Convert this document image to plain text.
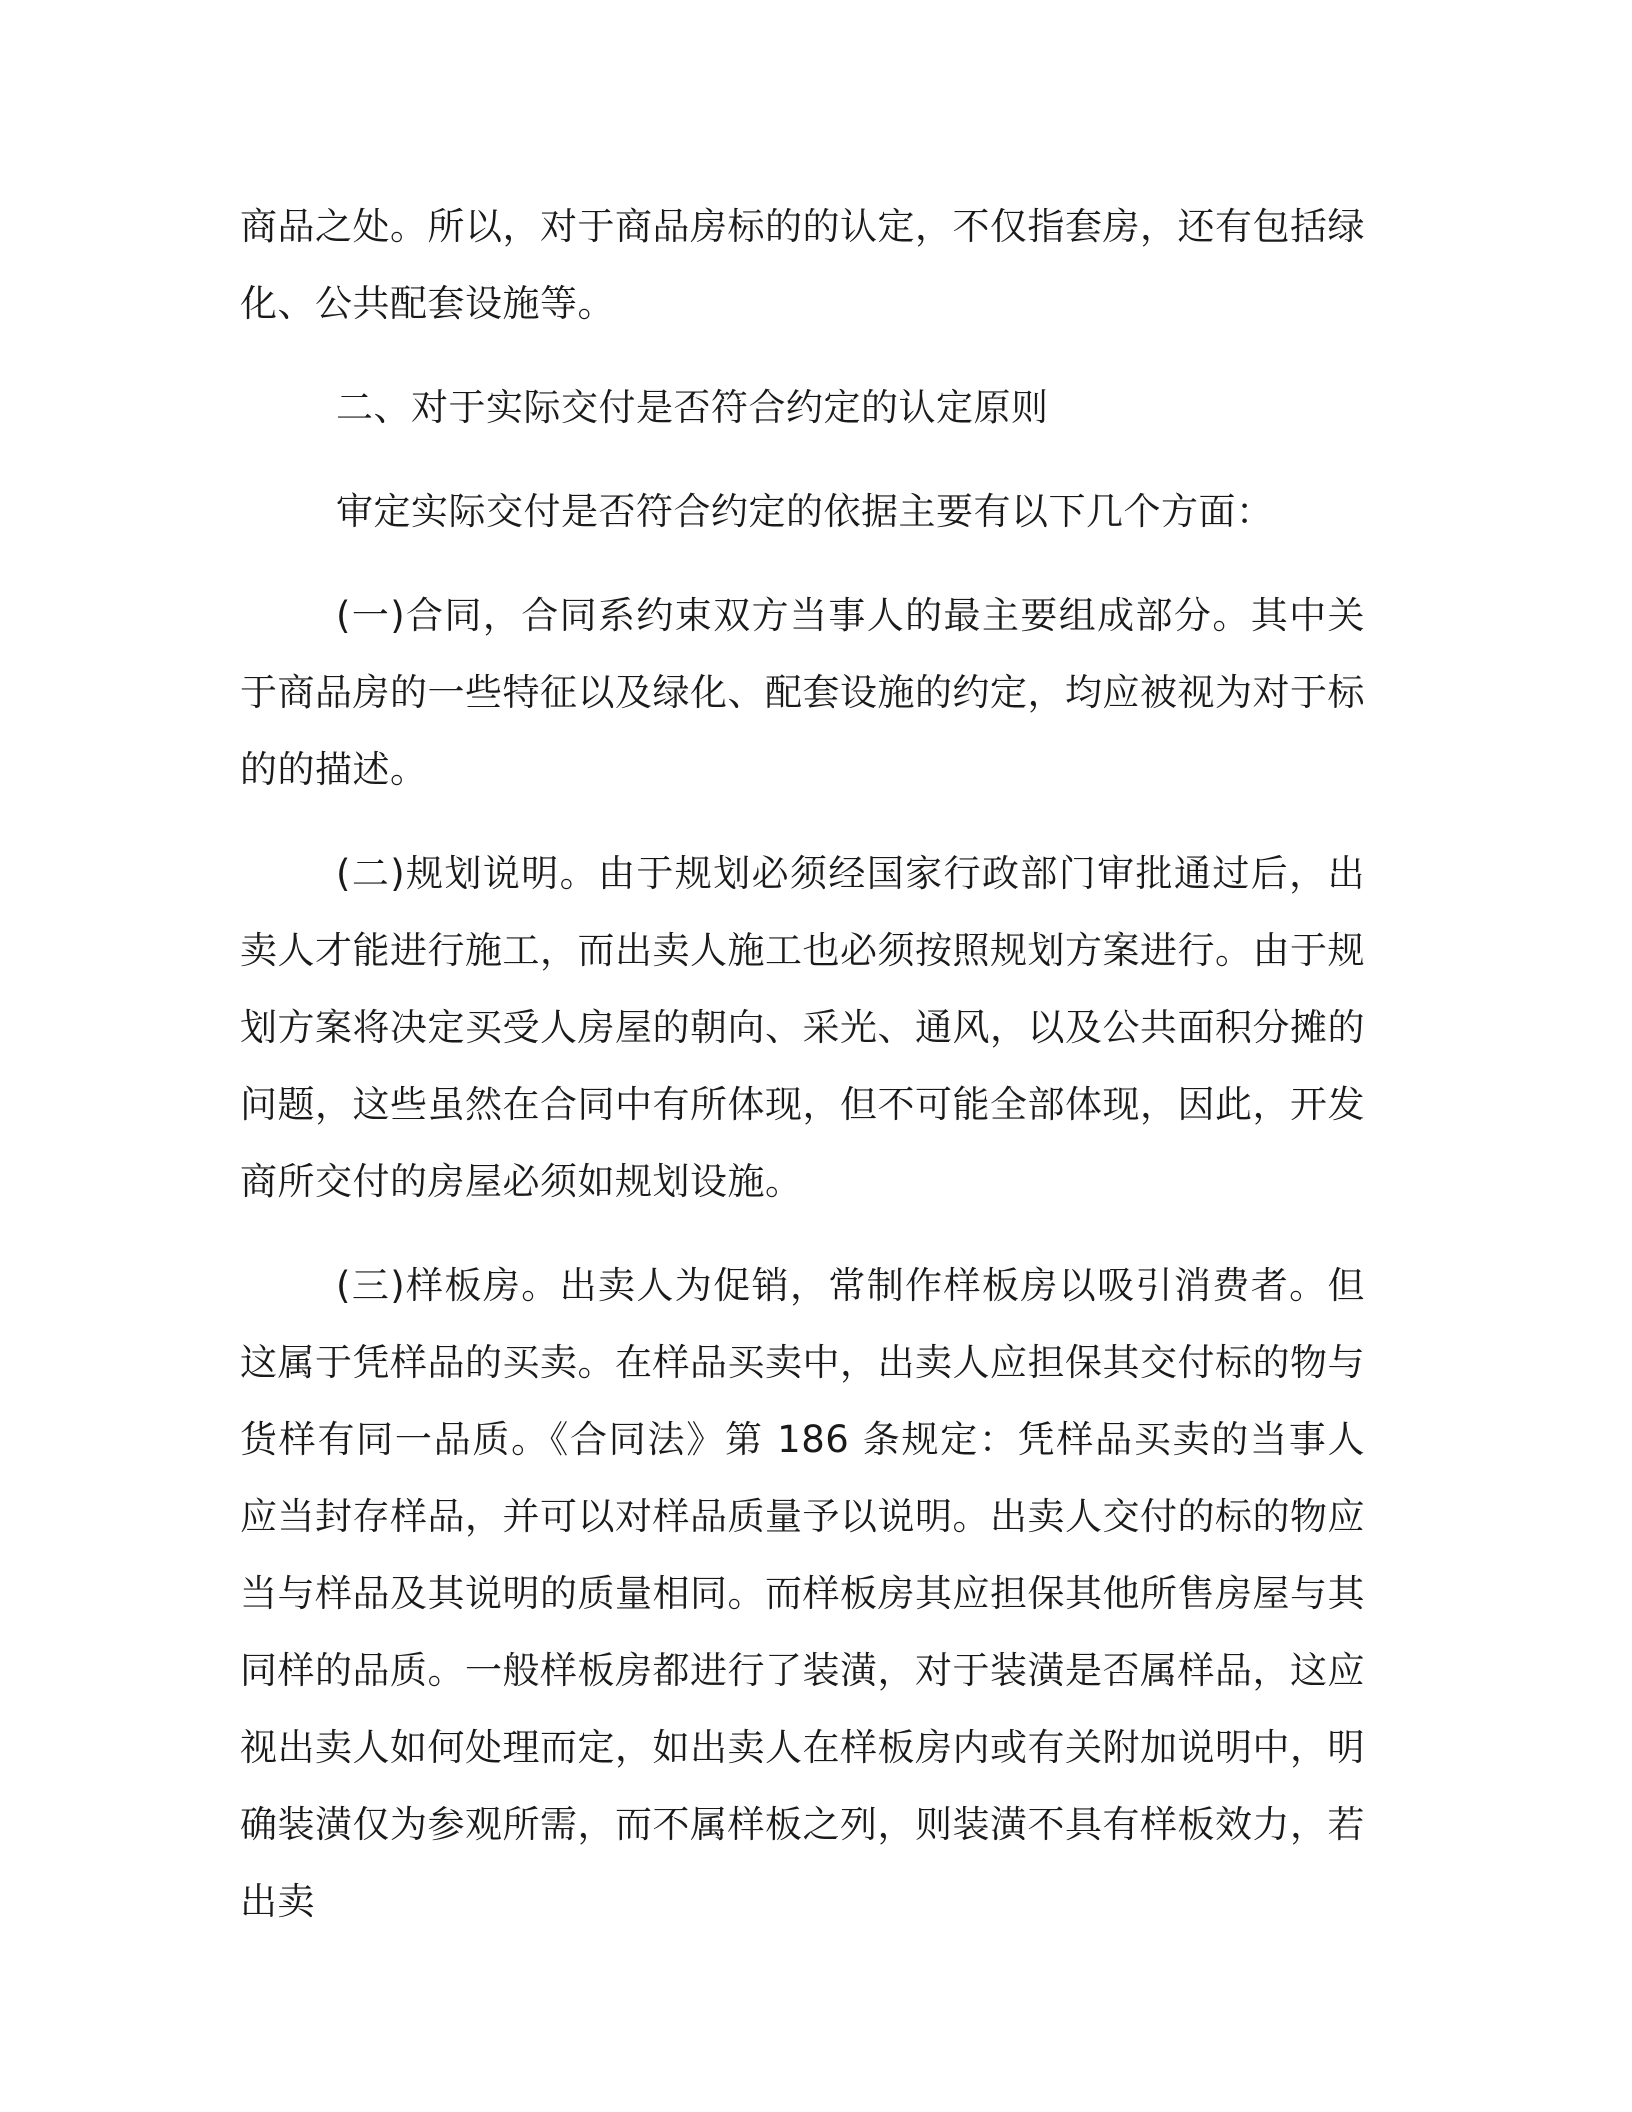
商品之处。所以，对于商品房标的的认定，不仅指套房，还有包括绿化、公共配套设施等。

二、对于实际交付是否符合约定的认定原则

审定实际交付是否符合约定的依据主要有以下几个方面：

(一)合同，合同系约束双方当事人的最主要组成部分。其中关于商品房的一些特征以及绿化、配套设施的约定，均应被视为对于标的的描述。

(二)规划说明。由于规划必须经国家行政部门审批通过后，出卖人才能进行施工，而出卖人施工也必须按照规划方案进行。由于规划方案将决定买受人房屋的朝向、采光、通风，以及公共面积分摊的问题，这些虽然在合同中有所体现，但不可能全部体现，因此，开发商所交付的房屋必须如规划设施。

(三)样板房。出卖人为促销，常制作样板房以吸引消费者。但这属于凭样品的买卖。在样品买卖中，出卖人应担保其交付标的物与货样有同一品质。《合同法》第 186 条规定：凭样品买卖的当事人应当封存样品，并可以对样品质量予以说明。出卖人交付的标的物应当与样品及其说明的质量相同。而样板房其应担保其他所售房屋与其同样的品质。一般样板房都进行了装潢，对于装潢是否属样品，这应视出卖人如何处理而定，如出卖人在样板房内或有关附加说明中，明确装潢仅为参观所需，而不属样板之列，则装潢不具有样板效力，若出卖
